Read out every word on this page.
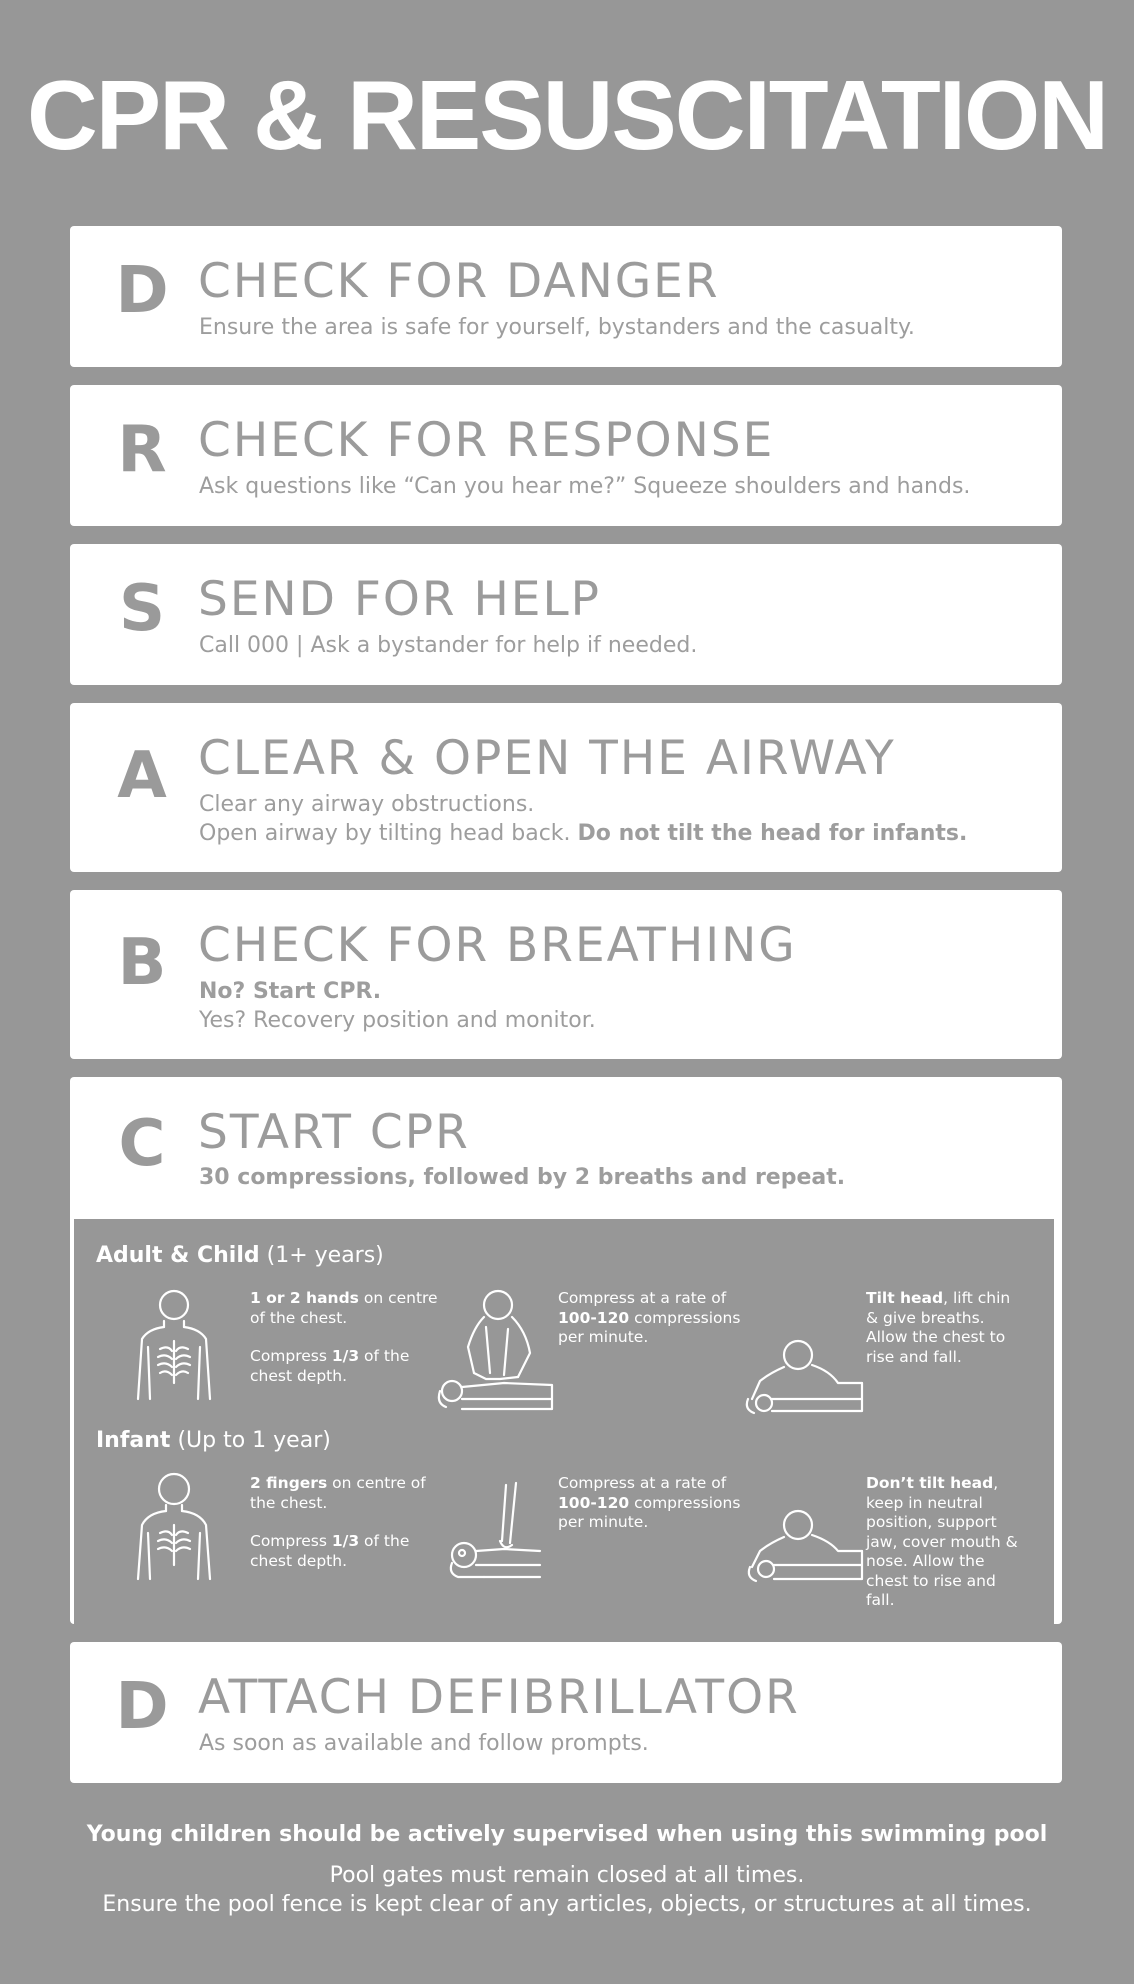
CPR & RESUSCITATION
D CHECK FOR DANGER
Ensure the area is safe for yourself, bystanders and the casualty.
R CHECK FOR RESPONSE
Ask questions like “Can you hear me?” Squeeze shoulders and hands.
S SEND FOR HELP
Call 000 | Ask a bystander for help if needed.
A CLEAR & OPEN THE AIRWAY
Clear any airway obstructions.
Open airway by tilting head back. Do not tilt the head for infants.
B CHECK FOR BREATHING
No? Start CPR.
Yes? Recovery position and monitor.
C START CPR
30 compressions, followed by 2 breaths and repeat.
Adult & Child (1+ years)

1 or 2 hands on centre of the chest.

Compress 1/3 of the chest depth.

Compress at a rate of 100-120 compressions per minute.

Tilt head, lift chin & give breaths. Allow the chest to rise and fall.

Infant (Up to 1 year)

2 fingers on centre of the chest.

Compress 1/3 of the chest depth.

Compress at a rate of 100-120 compressions per minute.

Don’t tilt head, keep in neutral position, support jaw, cover mouth & nose. Allow the chest to rise and fall.

D ATTACH DEFIBRILLATOR
As soon as available and follow prompts.
Young children should be actively supervised when using this swimming pool
Pool gates must remain closed at all times.
Ensure the pool fence is kept clear of any articles, objects, or structures at all times.
